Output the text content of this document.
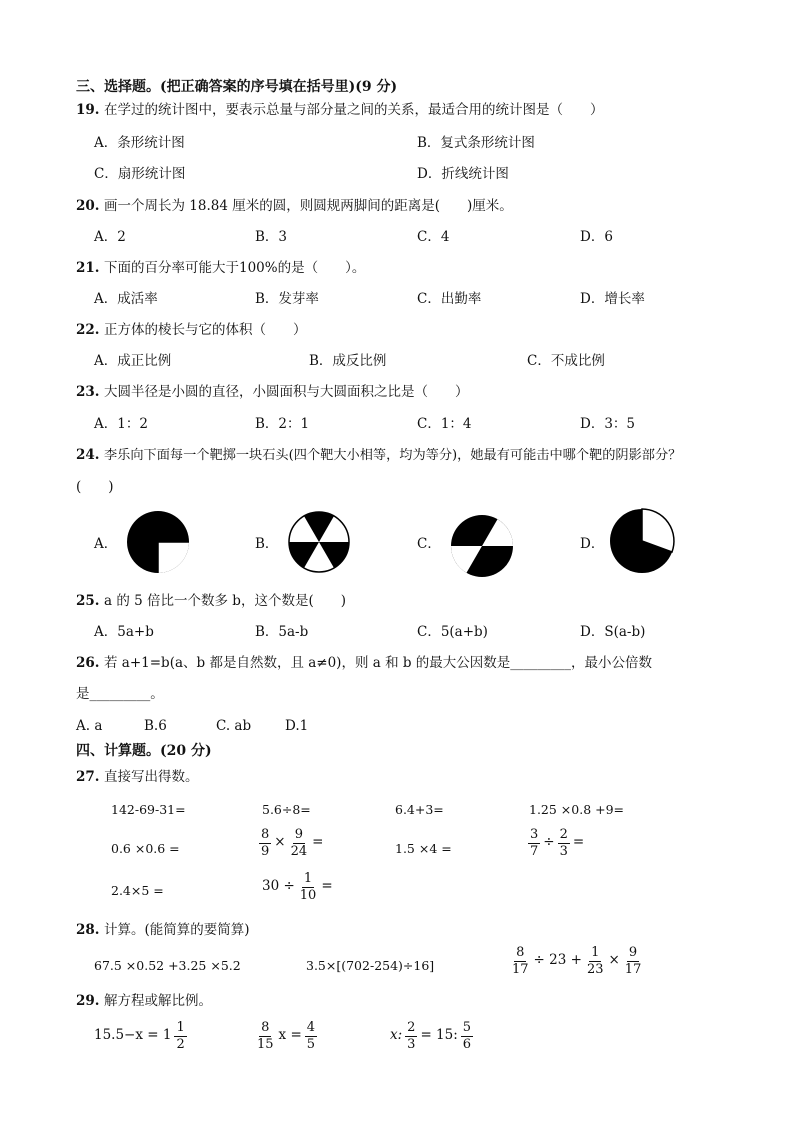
三、选择题。(把正确答案的序号填在括号里)(9 分)
19. 在学过的统计图中，要表示总量与部分量之间的关系，最适合用的统计图是（　　）
A．条形统计图	B．复式条形统计图
C．扇形统计图	D．折线统计图
20. 画一个周长为 18.84 厘米的圆，则圆规两脚间的距离是(　　)厘米。
A．2	B．3	C．4	D．6
21. 下面的百分率可能大于100%的是（　　）。
A．成活率	B．发芽率	C．出勤率	D．增长率
22. 正方体的棱长与它的体积（　　）
A．成正比例	B．成反比例	C．不成比例
23. 大圆半径是小圆的直径，小圆面积与大圆面积之比是（　　）
A．1：2	B．2：1	C．1：4	D．3：5
24. 李乐向下面每一个靶掷一块石头(四个靶大小相等，均为等分)，她最有可能击中哪个靶的阴影部分？
(　　)
A．	B．	C．	D．
25. a 的 5 倍比一个数多 b，这个数是(　　)
A．5a+b	B．5a-b	C．5(a+b)	D．S(a-b)
26. 若 a+1=b(a、b 都是自然数，且 a≠0)，则 a 和 b 的最大公因数是_________，最小公倍数
是_________。
A. a	B.6	C. ab	D.1
四、计算题。(20 分)
27. 直接写出得数。
142-69-31=	5.6÷8=	6.4+3=	1.25 ×0.8 +9=
0.6 ×0.6 =	$\frac{8}{9} \times \frac{9}{24}$ =	1.5 ×4 =	$\frac{3}{7} \div \frac{2}{3}$ =
2.4×5 =	$30 \div \frac{1}{10}$ =
28. 计算。(能简算的要简算)
67.5 ×0.52 +3.25 ×5.2	3.5×[(702-254)÷16]	$\frac{8}{17} \div 23 + \frac{1}{23} \times \frac{9}{17}$
29. 解方程或解比例。
$15.5-x = 1 \frac{1}{2}$	$\frac{8}{15}$ $x = \frac{4}{5}$	x: $\frac{2}{3} = 15$: $\frac{5}{6}$
